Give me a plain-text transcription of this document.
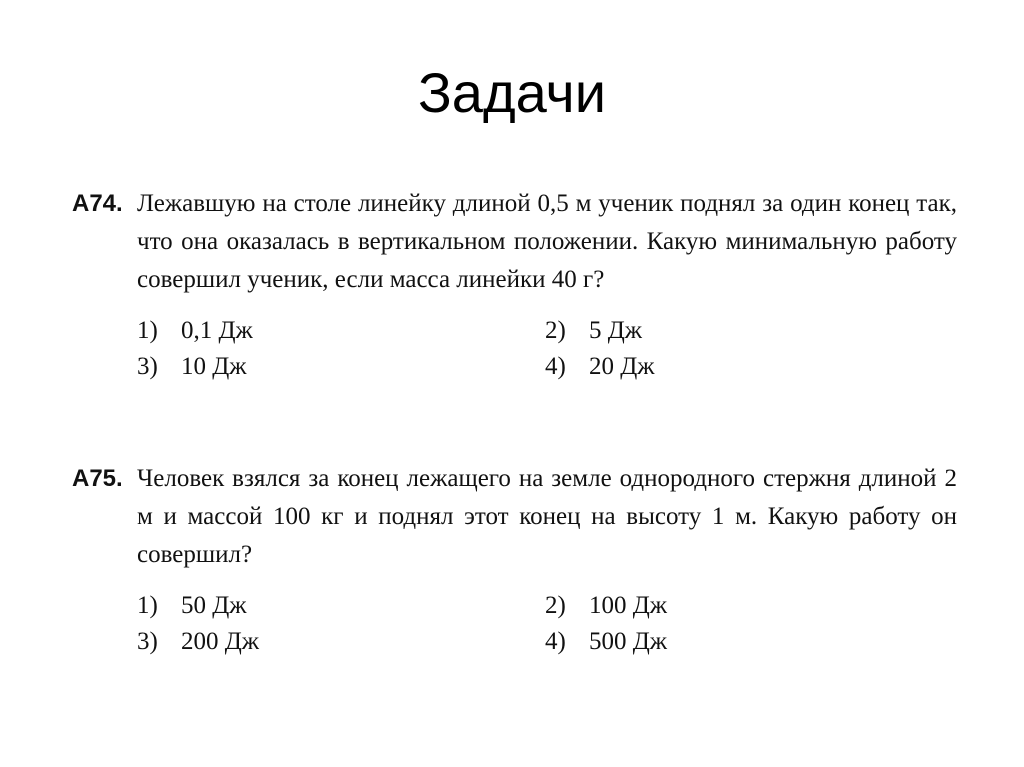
Задачи
А74. Лежавшую на столе линейку длиной 0,5 м ученик поднял за один конец так, что она оказалась в вертикальном положении. Какую минимальную работу совершил ученик, если масса линейки 40 г?
1) 0,1 Дж	2) 5 Дж
3) 10 Дж	4) 20 Дж
А75. Человек взялся за конец лежащего на земле однородного стержня длиной 2 м и массой 100 кг и поднял этот конец на высоту 1 м. Какую работу он совершил?
1) 50 Дж	2) 100 Дж
3) 200 Дж	4) 500 Дж
